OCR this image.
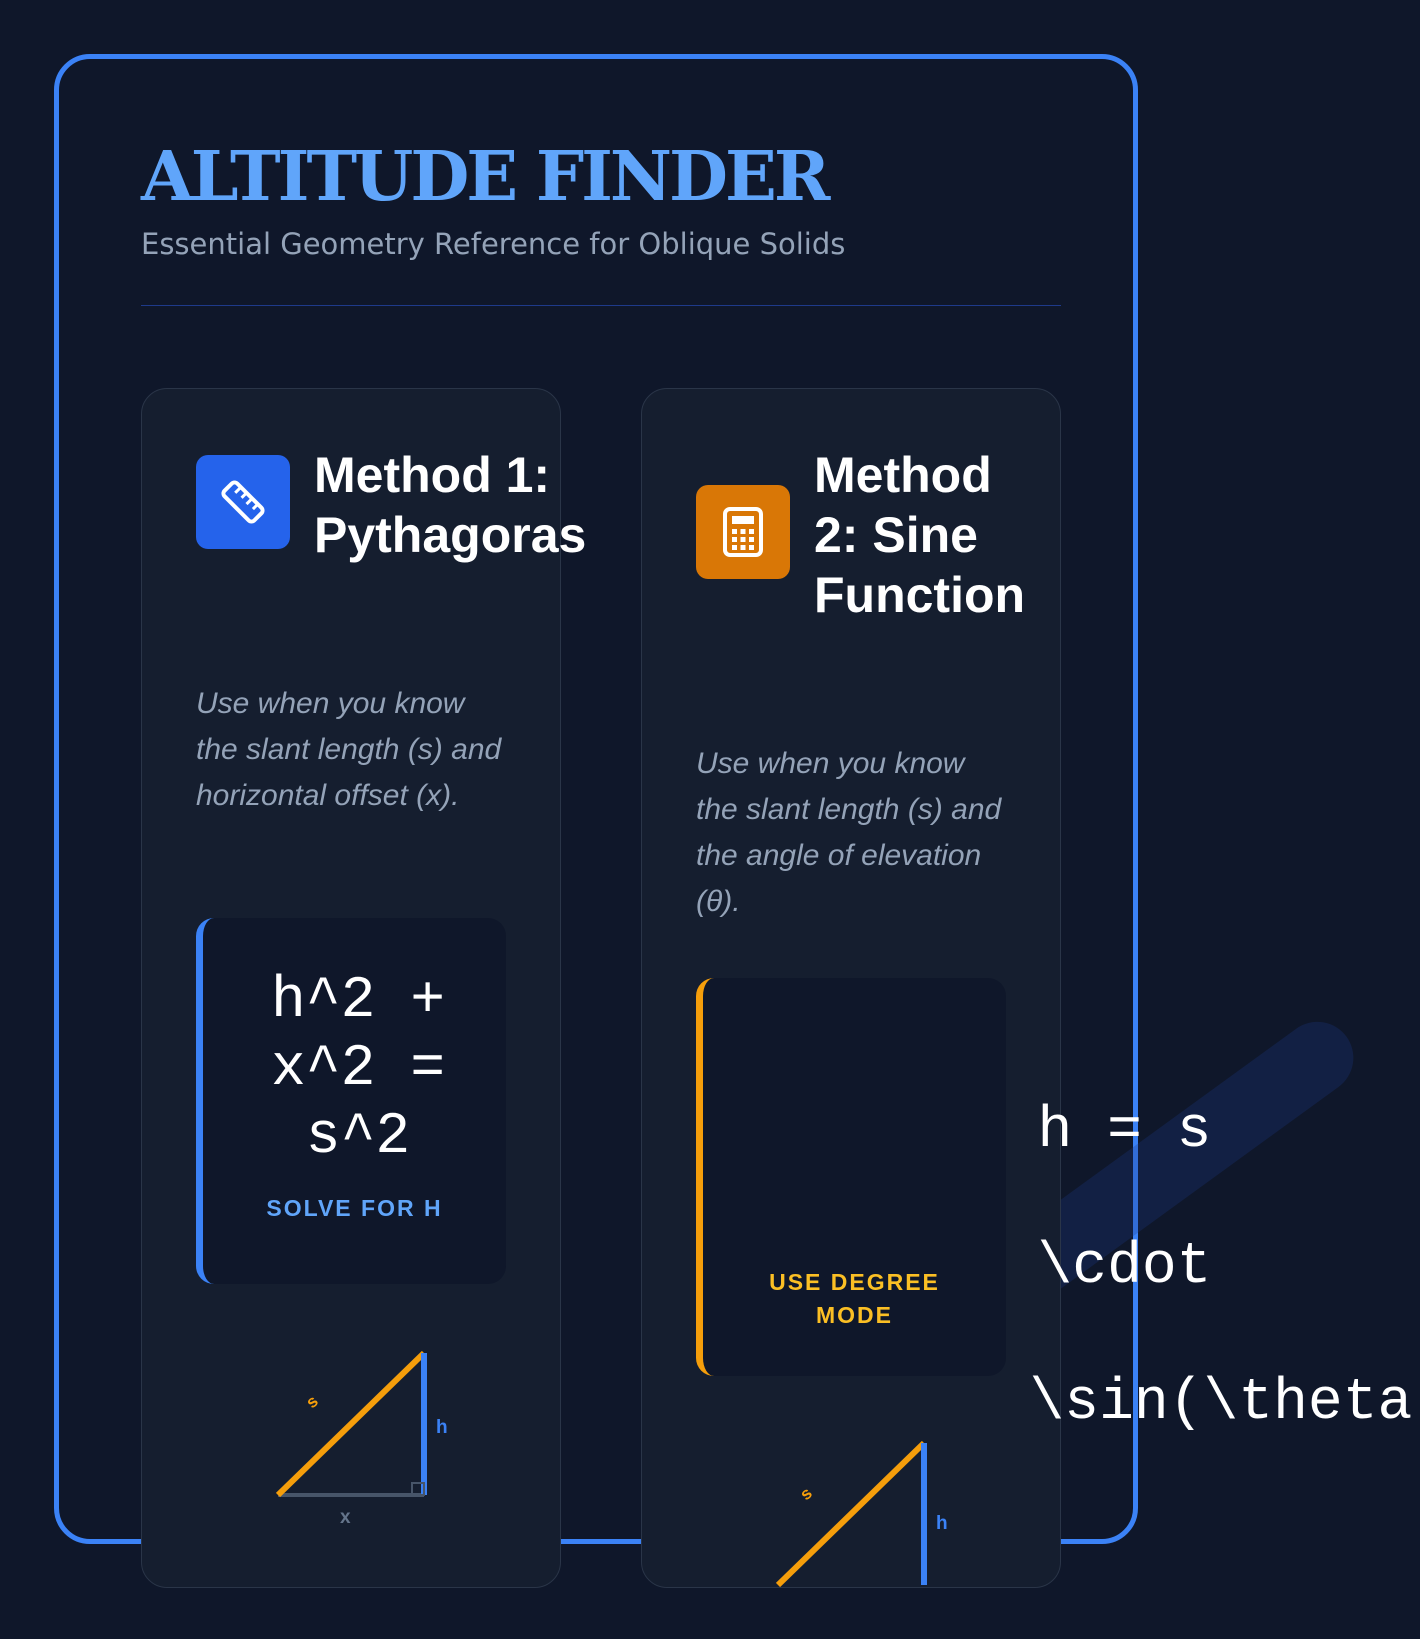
ALTITUDE FINDER
Essential Geometry Reference for Oblique Solids
Method 1: Pythagoras

Use when you know the slant length (s) and horizontal offset (x).

h^2 + x^2 = s^2
SOLVE FOR H
s
h
x
Method 2: Sine Function

Use when you know the slant length (s) and the angle of elevation (θ).

h = s

\cdot

\sin(\theta

USE DEGREE MODE
s
h
